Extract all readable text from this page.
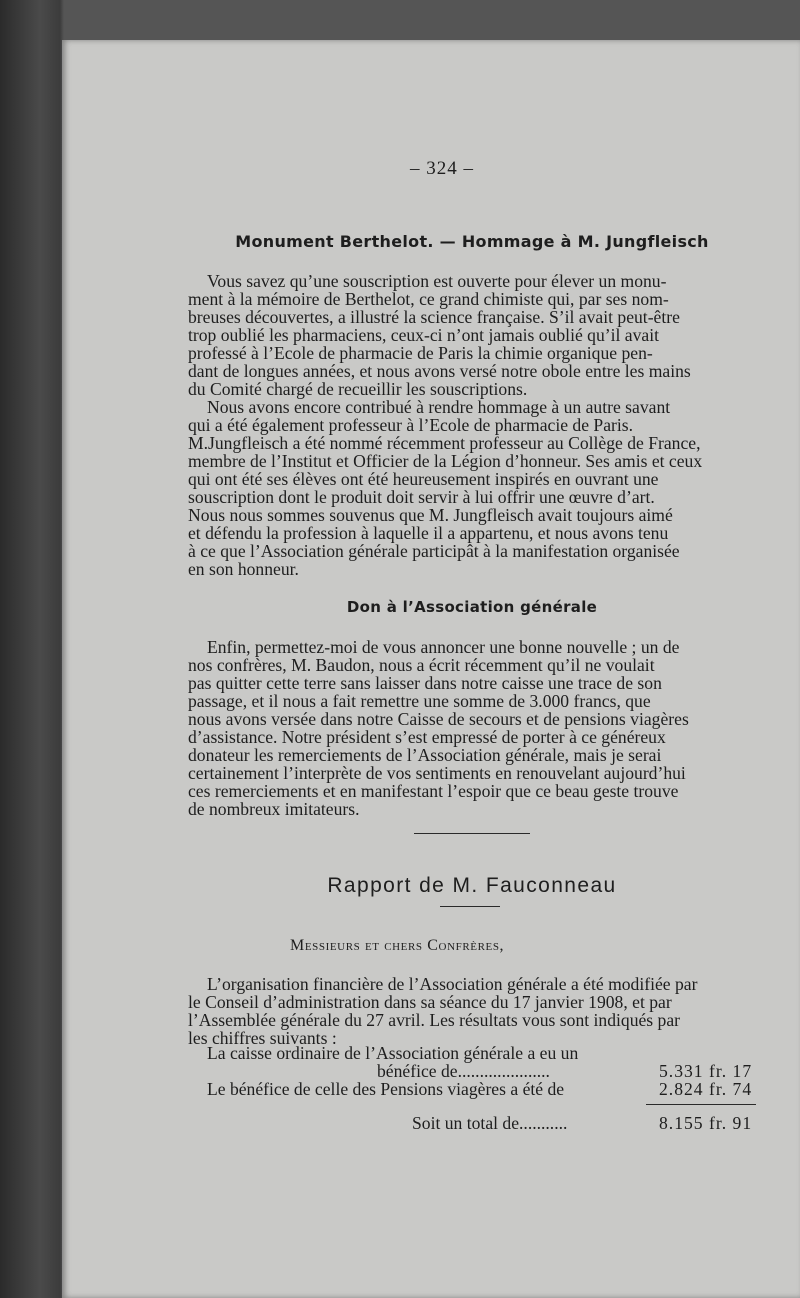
– 324 –
Monument Berthelot. — Hommage à M. Jungfleisch
Vous savez qu’une souscription est ouverte pour élever un monu-
ment à la mémoire de Berthelot, ce grand chimiste qui, par ses nom-
breuses découvertes, a illustré la science française. S’il avait peut-être
trop oublié les pharmaciens, ceux-ci n’ont jamais oublié qu’il avait
professé à l’Ecole de pharmacie de Paris la chimie organique pen-
dant de longues années, et nous avons versé notre obole entre les mains
du Comité chargé de recueillir les souscriptions.
Nous avons encore contribué à rendre hommage à un autre savant
qui a été également professeur à l’Ecole de pharmacie de Paris.
M.Jungfleisch a été nommé récemment professeur au Collège de France,
membre de l’Institut et Officier de la Légion d’honneur. Ses amis et ceux
qui ont été ses élèves ont été heureusement inspirés en ouvrant une
souscription dont le produit doit servir à lui offrir une œuvre d’art.
Nous nous sommes souvenus que M. Jungfleisch avait toujours aimé
et défendu la profession à laquelle il a appartenu, et nous avons tenu
à ce que l’Association générale participât à la manifestation organisée
en son honneur.
Don à l’Association générale
Enfin, permettez-moi de vous annoncer une bonne nouvelle ; un de
nos confrères, M. Baudon, nous a écrit récemment qu’il ne voulait
pas quitter cette terre sans laisser dans notre caisse une trace de son
passage, et il nous a fait remettre une somme de 3.000 francs, que
nous avons versée dans notre Caisse de secours et de pensions viagères
d’assistance. Notre président s’est empressé de porter à ce généreux
donateur les remerciements de l’Association générale, mais je serai
certainement l’interprète de vos sentiments en renouvelant aujourd’hui
ces remerciements et en manifestant l’espoir que ce beau geste trouve
de nombreux imitateurs.
Rapport de M. Fauconneau
Messieurs et chers Confrères,
L’organisation financière de l’Association générale a été modifiée par
le Conseil d’administration dans sa séance du 17 janvier 1908, et par
l’Assemblée générale du 27 avril. Les résultats vous sont indiqués par
les chiffres suivants :
La caisse ordinaire de l’Association générale a eu un
bénéfice de.....................	5.331 fr. 17
Le bénéfice de celle des Pensions viagères a été de	2.824 fr. 74
Soit un total de...........	8.155 fr. 91
